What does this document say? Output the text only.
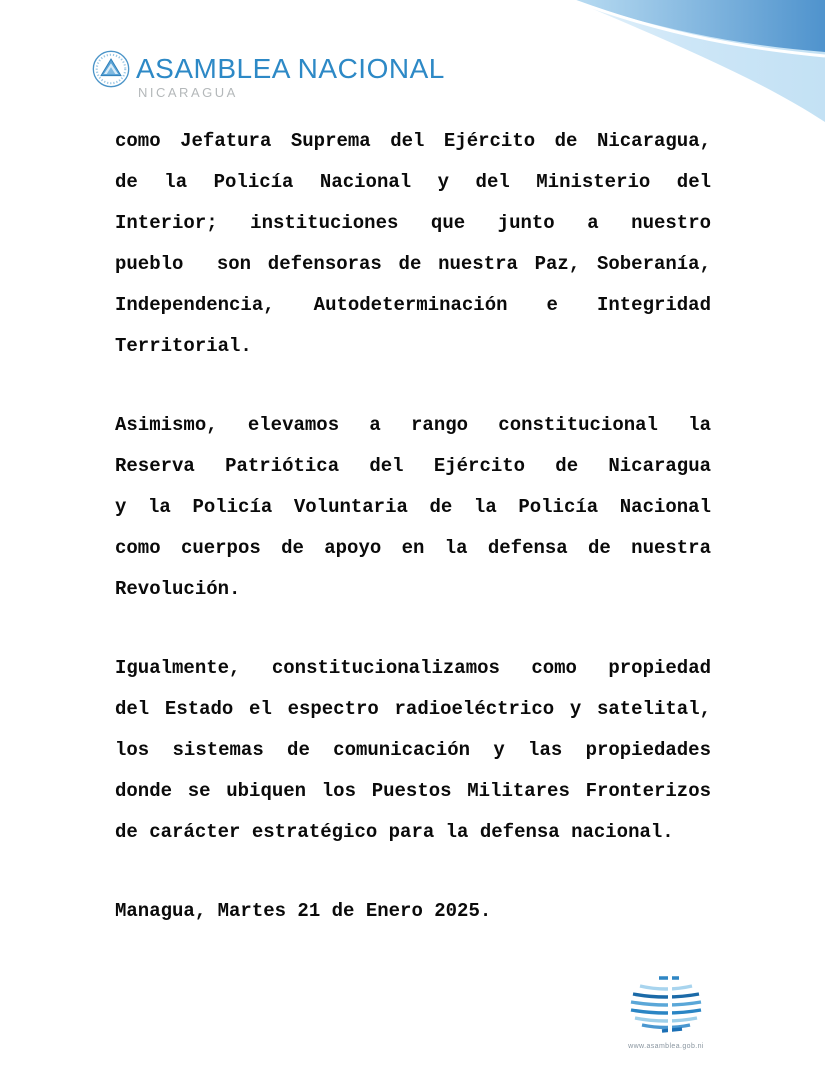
ASAMBLEA NACIONAL
NICARAGUA
como Jefatura Suprema del Ejército de Nicaragua,
de la Policía Nacional y del Ministerio del
Interior; instituciones que junto a nuestro
pueblo  son defensoras de nuestra Paz, Soberanía,
Independencia, Autodeterminación e Integridad
Territorial.
Asimismo, elevamos a rango constitucional la
Reserva Patriótica del Ejército de Nicaragua
y la Policía Voluntaria de la Policía Nacional
como cuerpos de apoyo en la defensa de nuestra
Revolución.
Igualmente, constitucionalizamos como propiedad
del Estado el espectro radioeléctrico y satelital,
los sistemas de comunicación y las propiedades
donde se ubiquen los Puestos Militares Fronterizos
de carácter estratégico para la defensa nacional.
Managua, Martes 21 de Enero 2025.
www.asamblea.gob.ni
